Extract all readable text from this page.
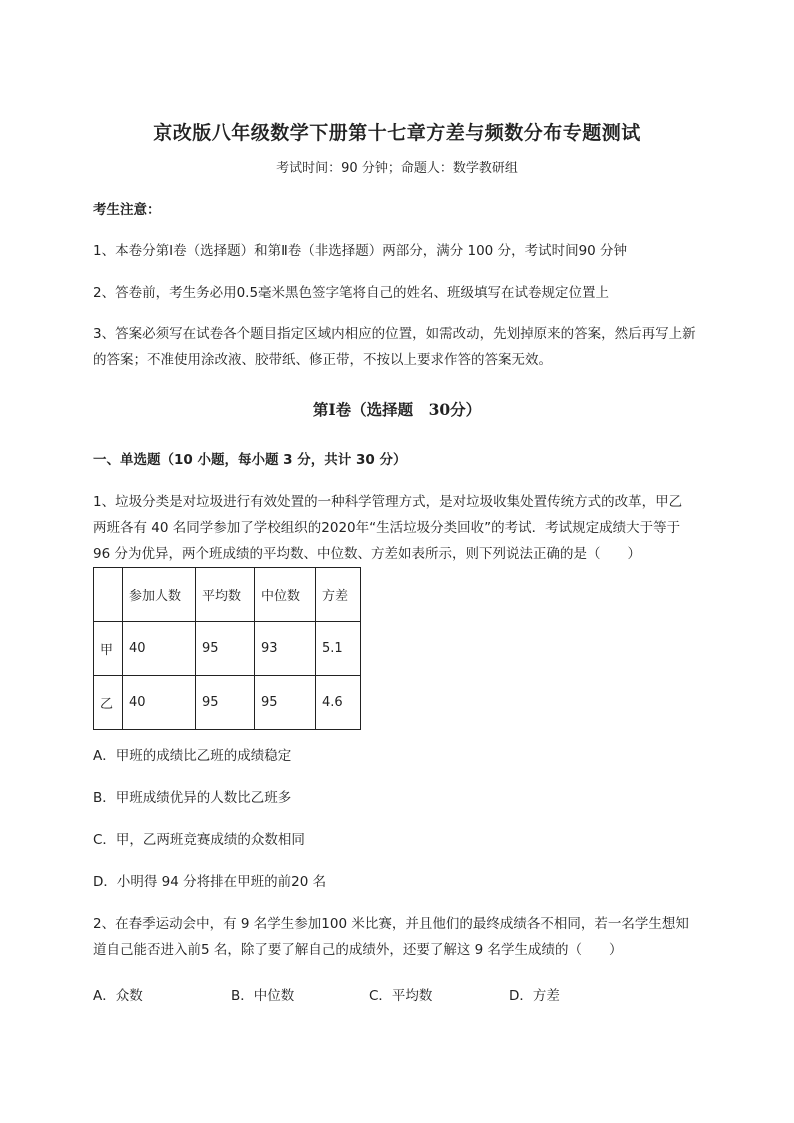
京改版八年级数学下册第十七章方差与频数分布专题测试
考试时间：90 分钟；命题人：数学教研组
考生注意：
1、本卷分第Ⅰ卷（选择题）和第Ⅱ卷（非选择题）两部分，满分 100 分，考试时间90 分钟
2、答卷前，考生务必用0.5毫米黑色签字笔将自己的姓名、班级填写在试卷规定位置上
3、答案必须写在试卷各个题目指定区域内相应的位置，如需改动，先划掉原来的答案，然后再写上新
的答案；不准使用涂改液、胶带纸、修正带，不按以上要求作答的答案无效。
第Ⅰ卷（选择题　30分）
一、单选题（10 小题，每小题 3 分，共计 30 分）
1、垃圾分类是对垃圾进行有效处置的一种科学管理方式，是对垃圾收集处置传统方式的改革，甲乙
两班各有 40 名同学参加了学校组织的2020年“生活垃圾分类回收”的考试．考试规定成绩大于等于
96 分为优异，两个班成绩的平均数、中位数、方差如表所示，则下列说法正确的是（　　）
	参加人数	平均数	中位数	方差
甲	40	95	93	5.1
乙	40	95	95	4.6
A．甲班的成绩比乙班的成绩稳定
B．甲班成绩优异的人数比乙班多
C．甲，乙两班竞赛成绩的众数相同
D．小明得 94 分将排在甲班的前20 名
2、在春季运动会中，有 9 名学生参加100 米比赛，并且他们的最终成绩各不相同，若一名学生想知
道自己能否进入前5 名，除了要了解自己的成绩外，还要了解这 9 名学生成绩的（　　）
A．众数	B．中位数	C．平均数	D．方差
